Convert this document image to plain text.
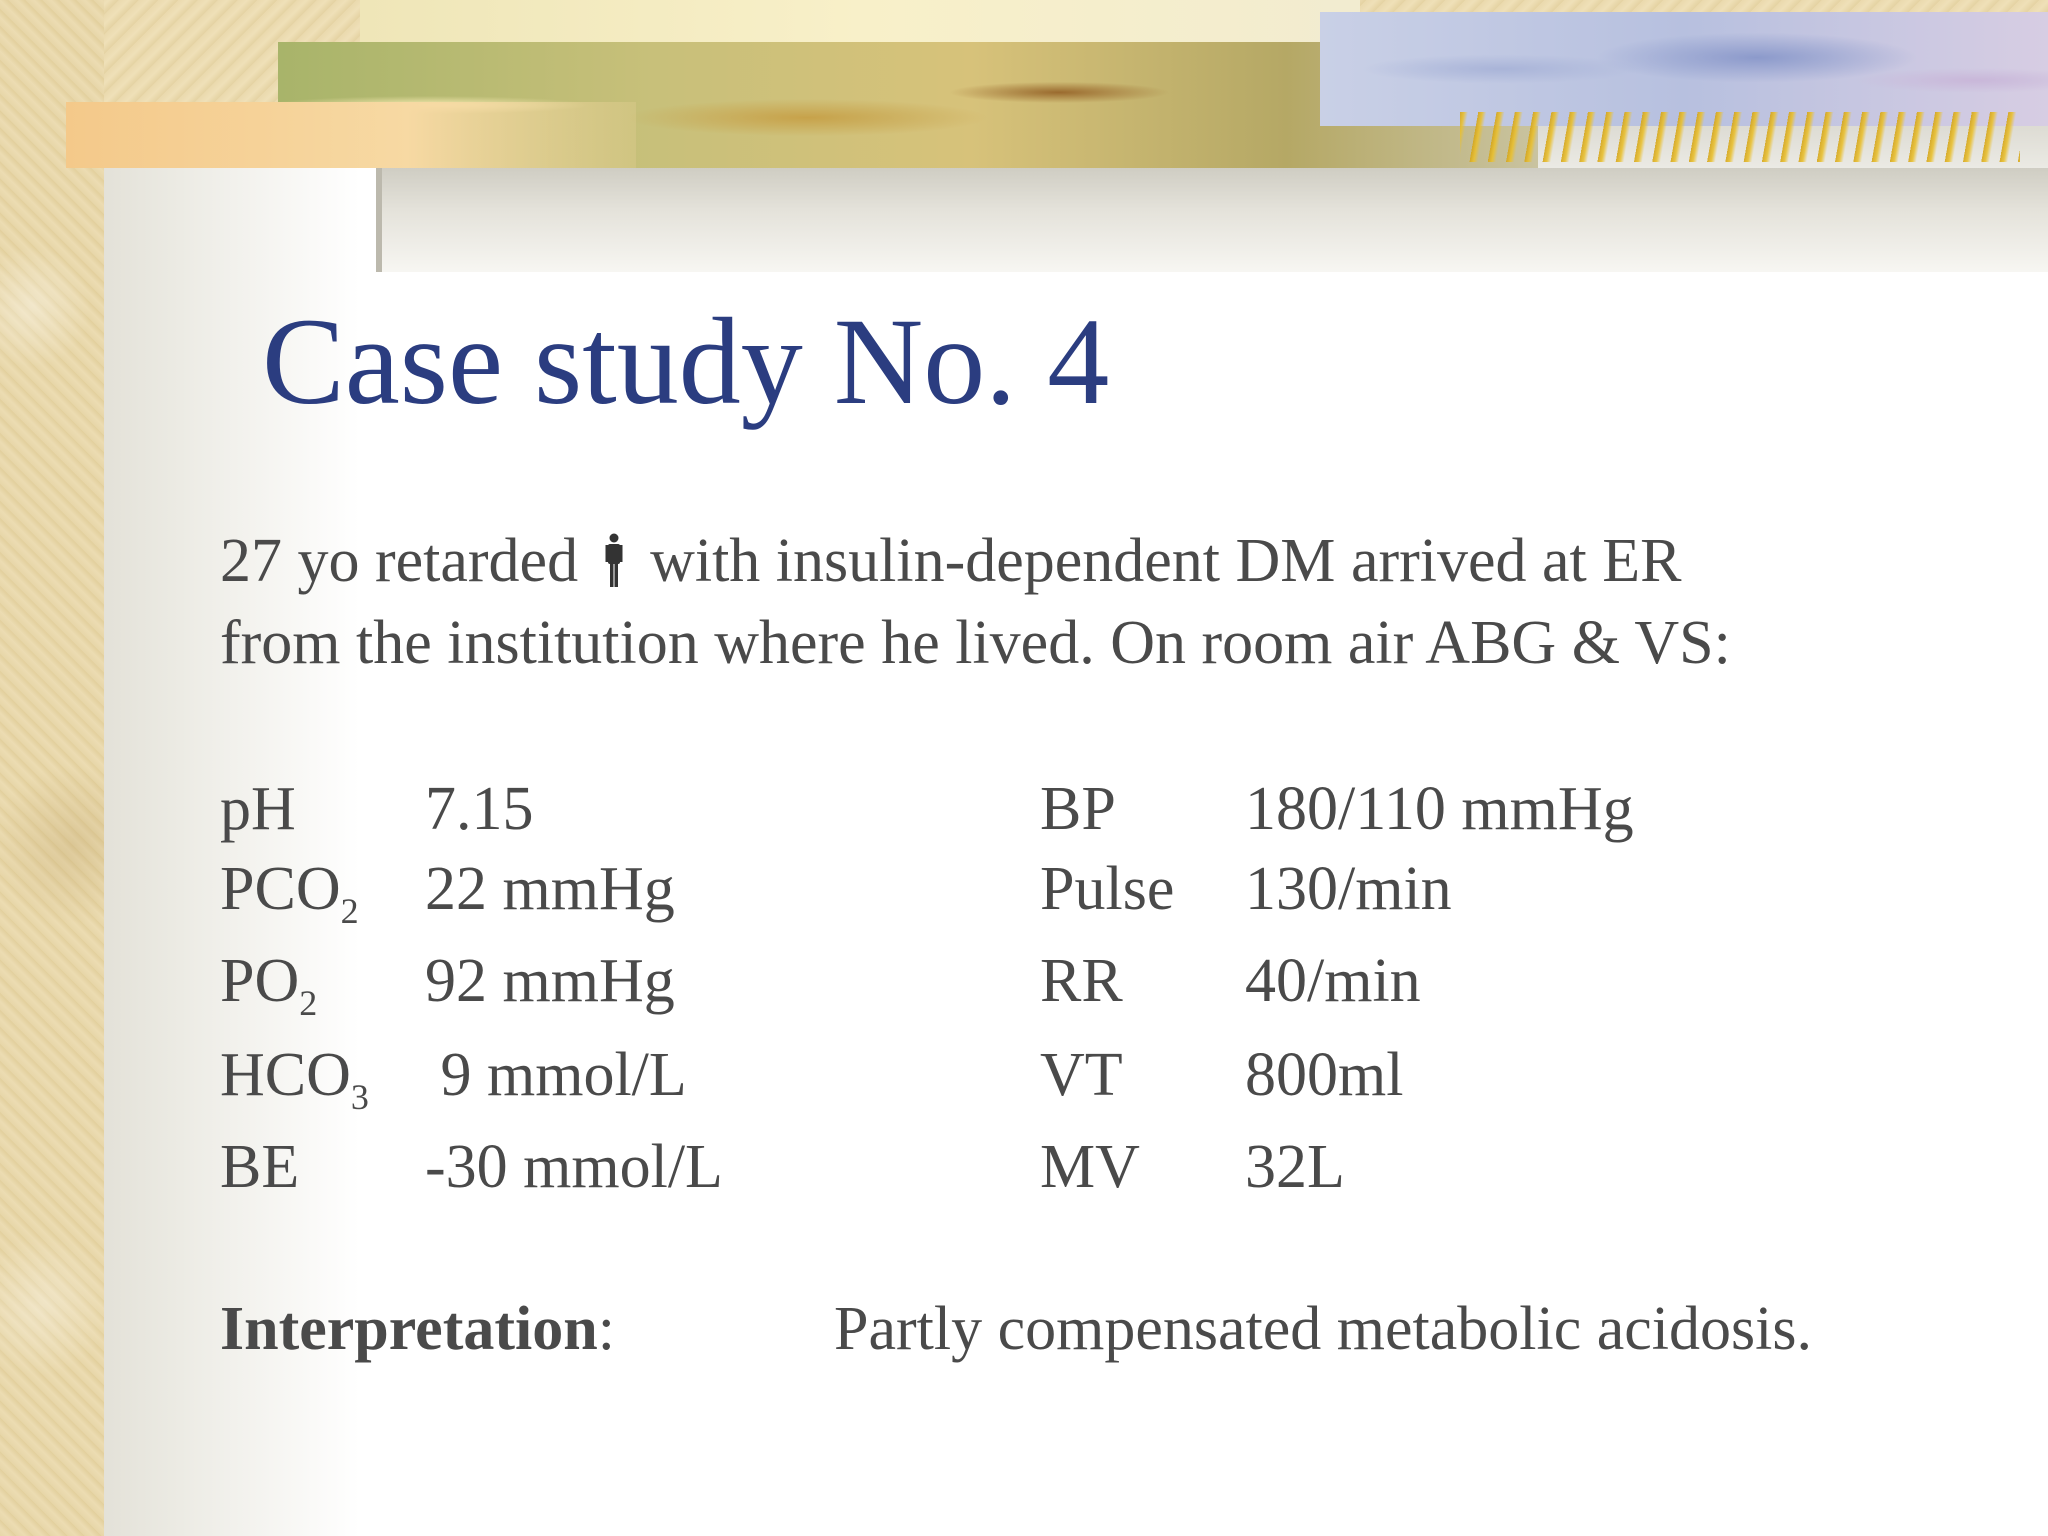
Case study No. 4

27 yo retarded with insulin-dependent DM arrived at ER
from the institution where he lived. On room air ABG & VS:

pH 7.15
$PCO_2$ 22 mmHg
$PO_2$ 92 mmHg
$HCO_3$ 9 mmol/L
BE -30 mmol/L
BP 180/110 mmHg
Pulse 130/min
RR 40/min
VT 800ml
MV 32L
Interpretation:	Partly compensated metabolic acidosis.
